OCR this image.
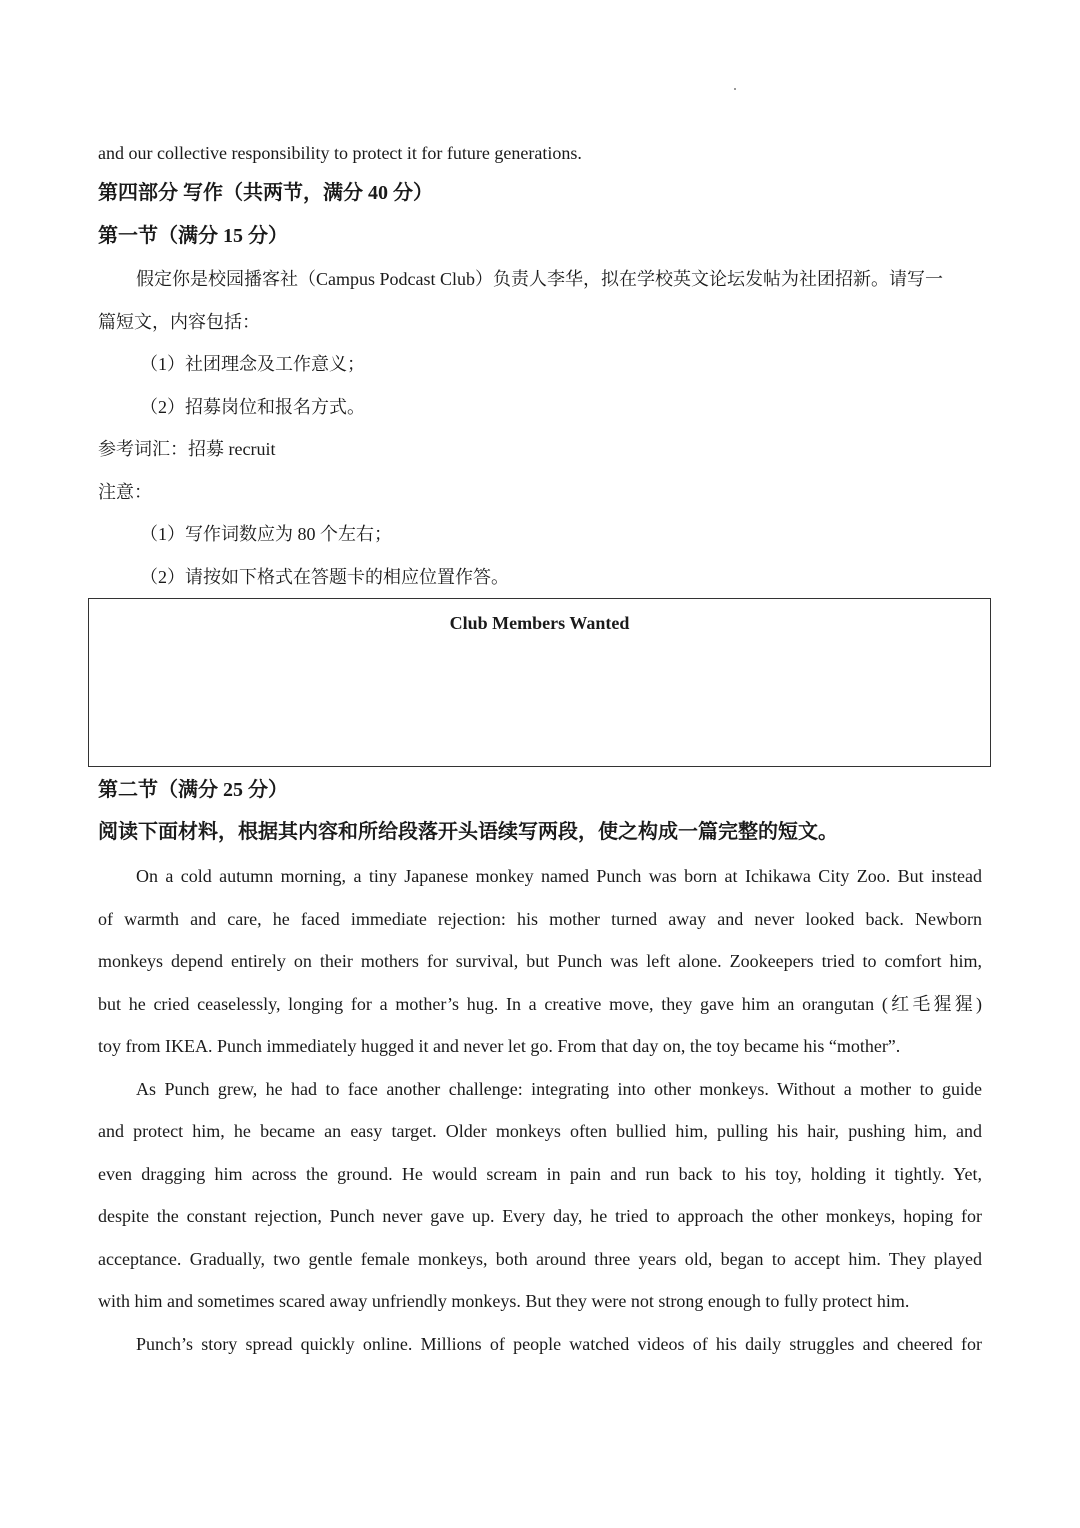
and our collective responsibility to protect it for future generations.
第四部分 写作（共两节，满分 40 分）
第一节（满分 15 分）
假定你是校园播客社（Campus Podcast Club）负责人李华，拟在学校英文论坛发帖为社团招新。请写一
篇短文，内容包括：
（1）社团理念及工作意义；
（2）招募岗位和报名方式。
参考词汇：招募 recruit
注意：
（1）写作词数应为 80 个左右；
（2）请按如下格式在答题卡的相应位置作答。
Club Members Wanted
第二节（满分 25 分）
阅读下面材料，根据其内容和所给段落开头语续写两段，使之构成一篇完整的短文。
On a cold autumn morning, a tiny Japanese monkey named Punch was born at Ichikawa City Zoo. But instead
of warmth and care, he faced immediate rejection: his mother turned away and never looked back. Newborn
monkeys depend entirely on their mothers for survival, but Punch was left alone. Zookeepers tried to comfort him,
but he cried ceaselessly, longing for a mother’s hug. In a creative move, they gave him an orangutan (红毛猩猩)
toy from IKEA. Punch immediately hugged it and never let go. From that day on, the toy became his “mother”.
As Punch grew, he had to face another challenge: integrating into other monkeys. Without a mother to guide
and protect him, he became an easy target. Older monkeys often bullied him, pulling his hair, pushing him, and
even dragging him across the ground. He would scream in pain and run back to his toy, holding it tightly. Yet,
despite the constant rejection, Punch never gave up. Every day, he tried to approach the other monkeys, hoping for
acceptance. Gradually, two gentle female monkeys, both around three years old, began to accept him. They played
with him and sometimes scared away unfriendly monkeys. But they were not strong enough to fully protect him.
Punch’s story spread quickly online. Millions of people watched videos of his daily struggles and cheered for
